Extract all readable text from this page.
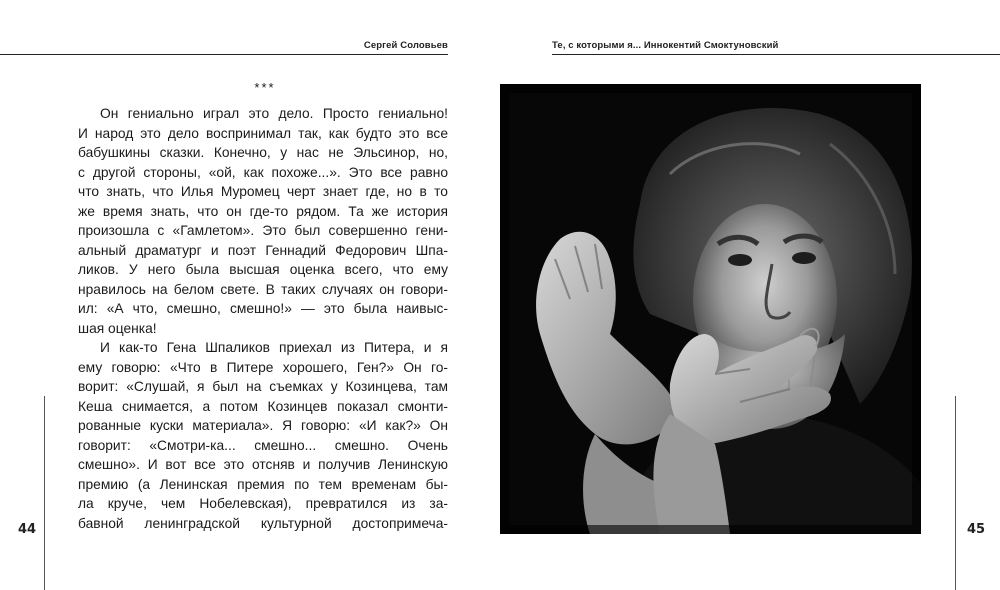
Сергей Соловьев	Те, с которыми я... Иннокентий Смоктуновский
44	45
***
Он гениально играл это дело. Просто гениально!
И народ это дело воспринимал так, как будто это все
бабушкины сказки. Конечно, у нас не Эльсинор, но,
с другой стороны, «ой, как похоже...». Это все равно
что знать, что Илья Муромец черт знает где, но в то
же время знать, что он где-то рядом. Та же история
произошла с «Гамлетом». Это был совершенно гени-
альный драматург и поэт Геннадий Федорович Шпа-
ликов. У него была высшая оценка всего, что ему
нравилось на белом свете. В таких случаях он говори-
ил: «А что, смешно, смешно!» — это была наивыс-
шая оценка!
И как-то Гена Шпаликов приехал из Питера, и я
ему говорю: «Что в Питере хорошего, Ген?» Он го-
ворит: «Слушай, я был на съемках у Козинцева, там
Кеша снимается, а потом Козинцев показал смонти-
рованные куски материала». Я говорю: «И как?» Он
говорит: «Смотри-ка... смешно... смешно. Очень
смешно». И вот все это отсняв и получив Ленинскую
премию (а Ленинская премия по тем временам бы-
ла круче, чем Нобелевская), превратился из за-
бавной ленинградской культурной достопримеча-
